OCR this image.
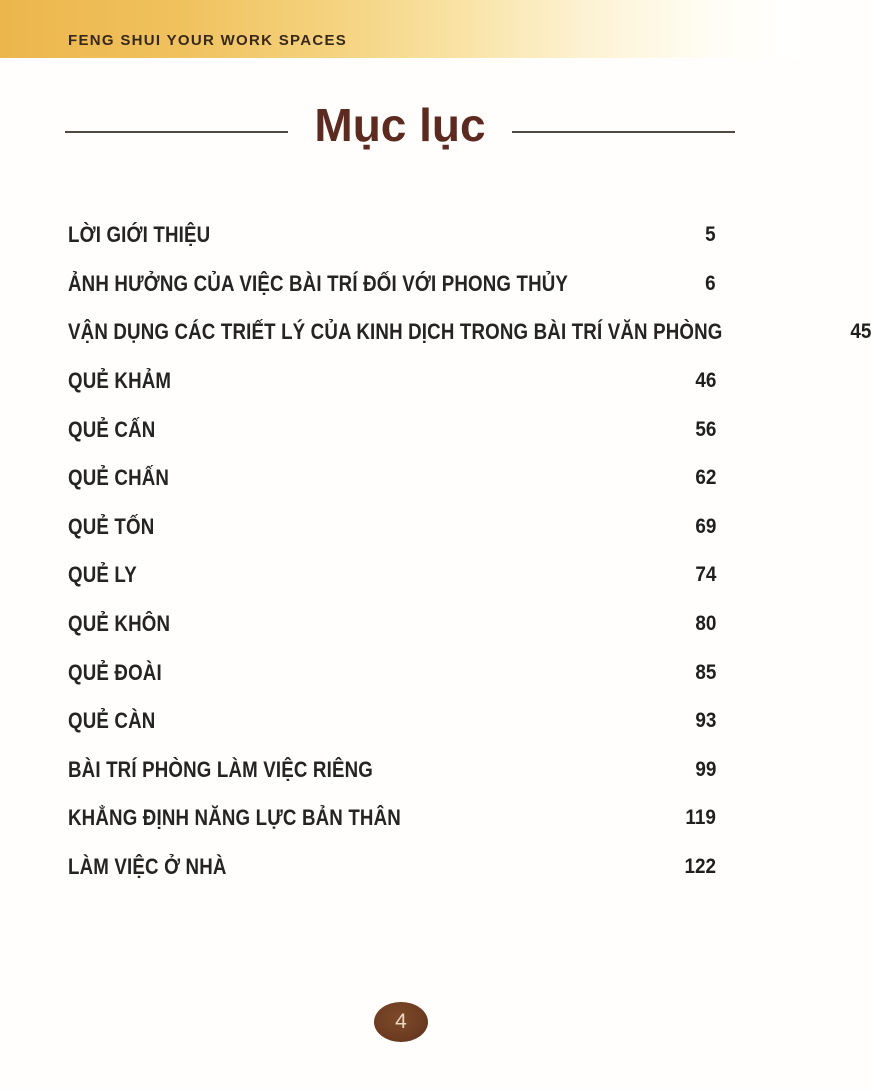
FENG SHUI YOUR WORK SPACES
Mục lục
LỜI GIỚI THIỆU	5
ẢNH HƯỞNG CỦA VIỆC BÀI TRÍ ĐỐI VỚI PHONG THỦY	6
VẬN DỤNG CÁC TRIẾT LÝ CỦA KINH DỊCH TRONG BÀI TRÍ VĂN PHÒNG	45
QUẺ KHẢM	46
QUẺ CẤN	56
QUẺ CHẤN	62
QUẺ TỐN	69
QUẺ LY	74
QUẺ KHÔN	80
QUẺ ĐOÀI	85
QUẺ CÀN	93
BÀI TRÍ PHÒNG LÀM VIỆC RIÊNG	99
KHẲNG ĐỊNH NĂNG LỰC BẢN THÂN	119
LÀM VIỆC Ở NHÀ	122
4
